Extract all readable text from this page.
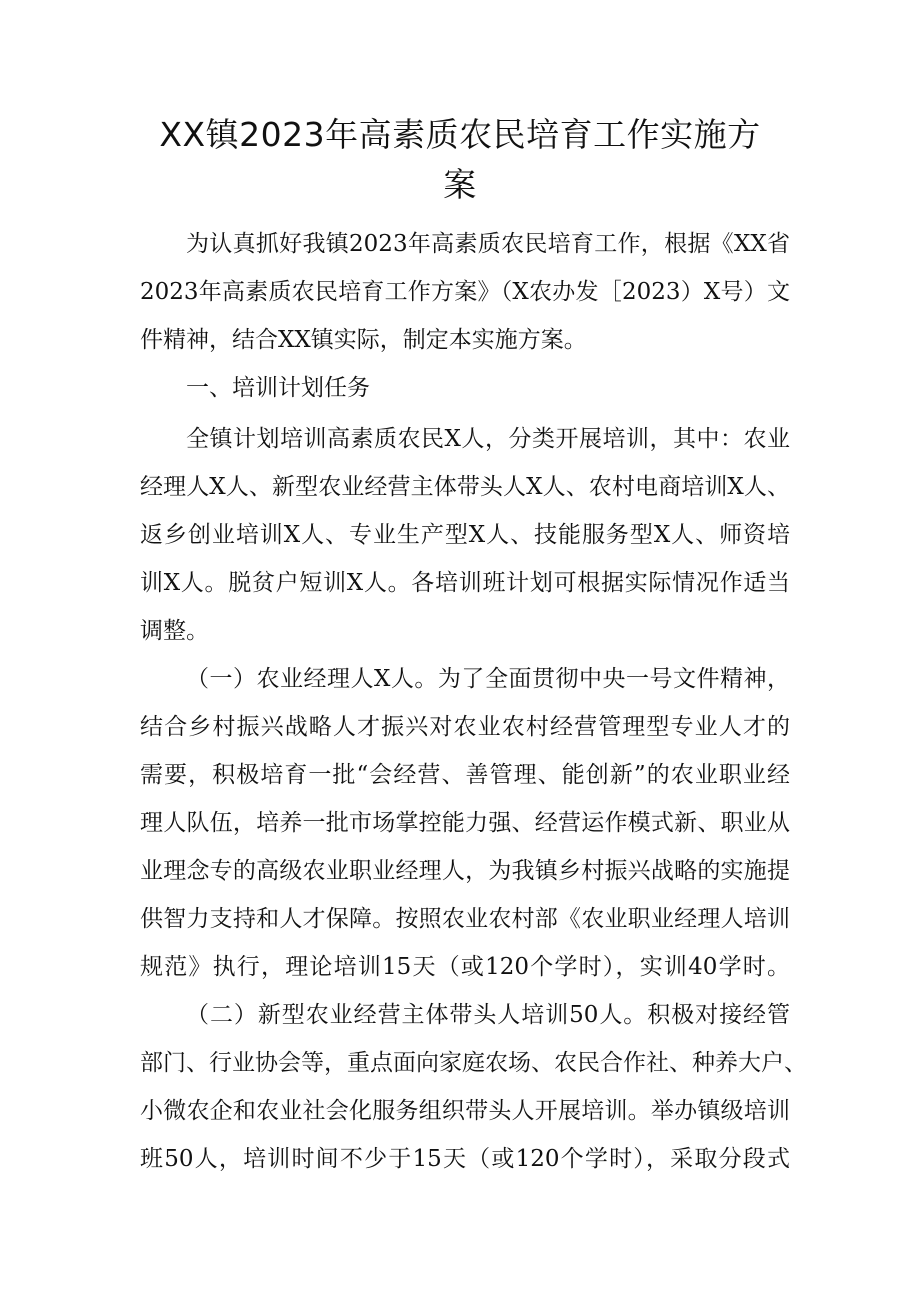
XX镇2023年高素质农民培育工作实施方
案
为认真抓好我镇2023年高素质农民培育工作，根据《XX省
2023年高素质农民培育工作方案》（X农办发［2023）X号）文
件精神，结合XX镇实际，制定本实施方案。
一、培训计划任务
全镇计划培训高素质农民X人，分类开展培训，其中：农业
经理人X人、新型农业经营主体带头人X人、农村电商培训X人、
返乡创业培训X人、专业生产型X人、技能服务型X人、师资培
训X人。脱贫户短训X人。各培训班计划可根据实际情况作适当
调整。
（一）农业经理人X人。为了全面贯彻中央一号文件精神，
结合乡村振兴战略人才振兴对农业农村经营管理型专业人才的
需要，积极培育一批“会经营、善管理、能创新”的农业职业经
理人队伍，培养一批市场掌控能力强、经营运作模式新、职业从
业理念专的高级农业职业经理人，为我镇乡村振兴战略的实施提
供智力支持和人才保障。按照农业农村部《农业职业经理人培训
规范》执行，理论培训15天（或120个学时），实训40学时。
（二）新型农业经营主体带头人培训50人。积极对接经管
部门、行业协会等，重点面向家庭农场、农民合作社、种养大户、
小微农企和农业社会化服务组织带头人开展培训。举办镇级培训
班50人，培训时间不少于15天（或120个学时），采取分段式
